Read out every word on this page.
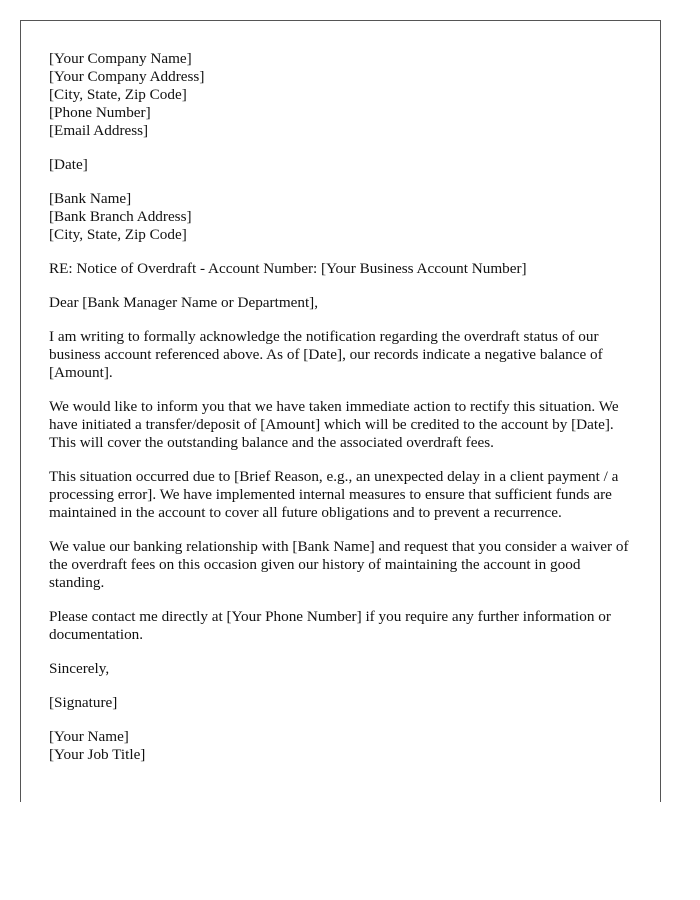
[Your Company Name]
[Your Company Address]
[City, State, Zip Code]
[Phone Number]
[Email Address]
[Date]
[Bank Name]
[Bank Branch Address]
[City, State, Zip Code]

RE: Notice of Overdraft - Account Number: [Your Business Account Number]

Dear [Bank Manager Name or Department],

I am writing to formally acknowledge the notification regarding the overdraft status of our business account referenced above. As of [Date], our records indicate a negative balance of [Amount].

We would like to inform you that we have taken immediate action to rectify this situation. We have initiated a transfer/deposit of [Amount] which will be credited to the account by [Date]. This will cover the outstanding balance and the associated overdraft fees.

This situation occurred due to [Brief Reason, e.g., an unexpected delay in a client payment / a processing error]. We have implemented internal measures to ensure that sufficient funds are maintained in the account to cover all future obligations and to prevent a recurrence.

We value our banking relationship with [Bank Name] and request that you consider a waiver of the overdraft fees on this occasion given our history of maintaining the account in good standing.

Please contact me directly at [Your Phone Number] if you require any further information or documentation.

Sincerely,

[Signature]

[Your Name]
[Your Job Title]
